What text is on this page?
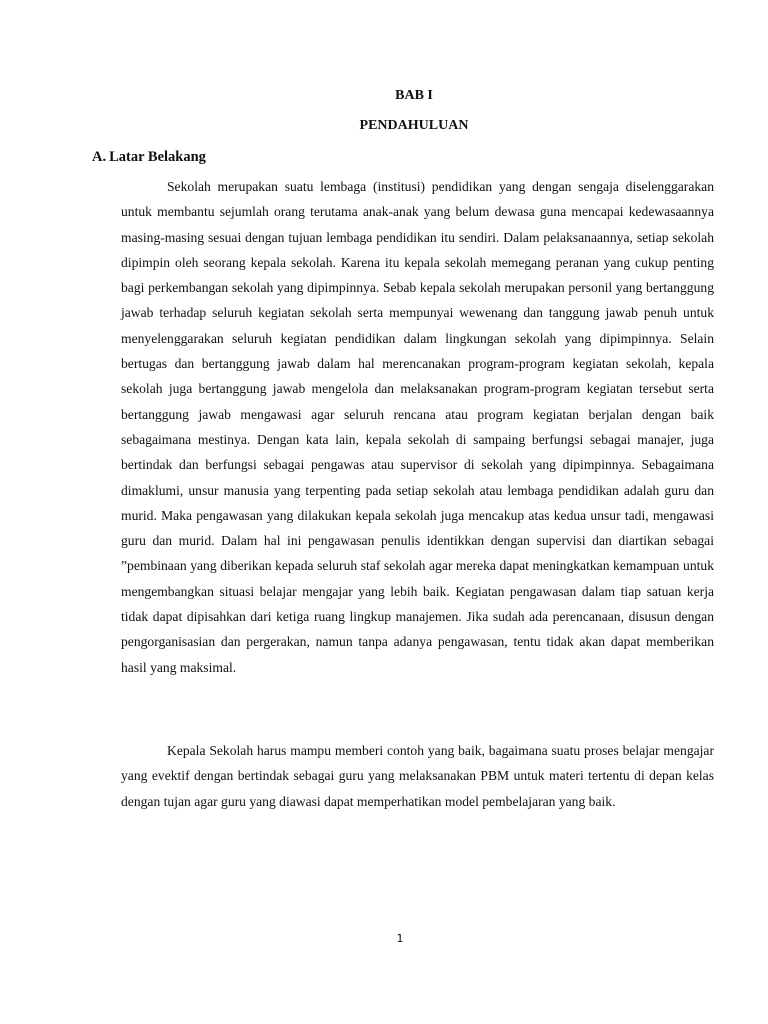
BAB I
PENDAHULUAN
A. Latar Belakang

Sekolah merupakan suatu lembaga (institusi) pendidikan yang dengan sengaja diselenggarakan untuk membantu sejumlah orang terutama anak-anak yang belum dewasa guna mencapai kedewasaannya masing-masing sesuai dengan tujuan lembaga pendidikan itu sendiri. Dalam pelaksanaannya, setiap sekolah dipimpin oleh seorang kepala sekolah. Karena itu kepala sekolah memegang peranan yang cukup penting bagi perkembangan sekolah yang dipimpinnya. Sebab kepala sekolah merupakan personil yang bertanggung jawab terhadap seluruh kegiatan sekolah serta mempunyai wewenang dan tanggung jawab penuh untuk menyelenggarakan seluruh kegiatan pendidikan dalam lingkungan sekolah yang dipimpinnya. Selain bertugas dan bertanggung jawab dalam hal merencanakan program-program kegiatan sekolah, kepala sekolah juga bertanggung jawab mengelola dan melaksanakan program-program kegiatan tersebut serta bertanggung jawab mengawasi agar seluruh rencana atau program kegiatan berjalan dengan baik sebagaimana mestinya. Dengan kata lain, kepala sekolah di sampaing berfungsi sebagai manajer, juga bertindak dan berfungsi sebagai pengawas atau supervisor di sekolah yang dipimpinnya. Sebagaimana dimaklumi, unsur manusia yang terpenting pada setiap sekolah atau lembaga pendidikan adalah guru dan murid. Maka pengawasan yang dilakukan kepala sekolah juga mencakup atas kedua unsur tadi, mengawasi guru dan murid. Dalam hal ini pengawasan penulis identikkan dengan supervisi dan diartikan sebagai ”pembinaan yang diberikan kepada seluruh staf sekolah agar mereka dapat meningkatkan kemampuan untuk mengembangkan situasi belajar mengajar yang lebih baik. Kegiatan pengawasan dalam tiap satuan kerja tidak dapat dipisahkan dari ketiga ruang lingkup manajemen. Jika sudah ada perencanaan, disusun dengan pengorganisasian dan pergerakan, namun tanpa adanya pengawasan, tentu tidak akan dapat memberikan hasil yang maksimal.

Kepala Sekolah harus mampu memberi contoh yang baik, bagaimana suatu proses belajar mengajar yang evektif dengan bertindak sebagai guru yang melaksanakan PBM untuk materi tertentu di depan kelas dengan tujan agar guru yang diawasi dapat memperhatikan model pembelajaran yang baik.

1
